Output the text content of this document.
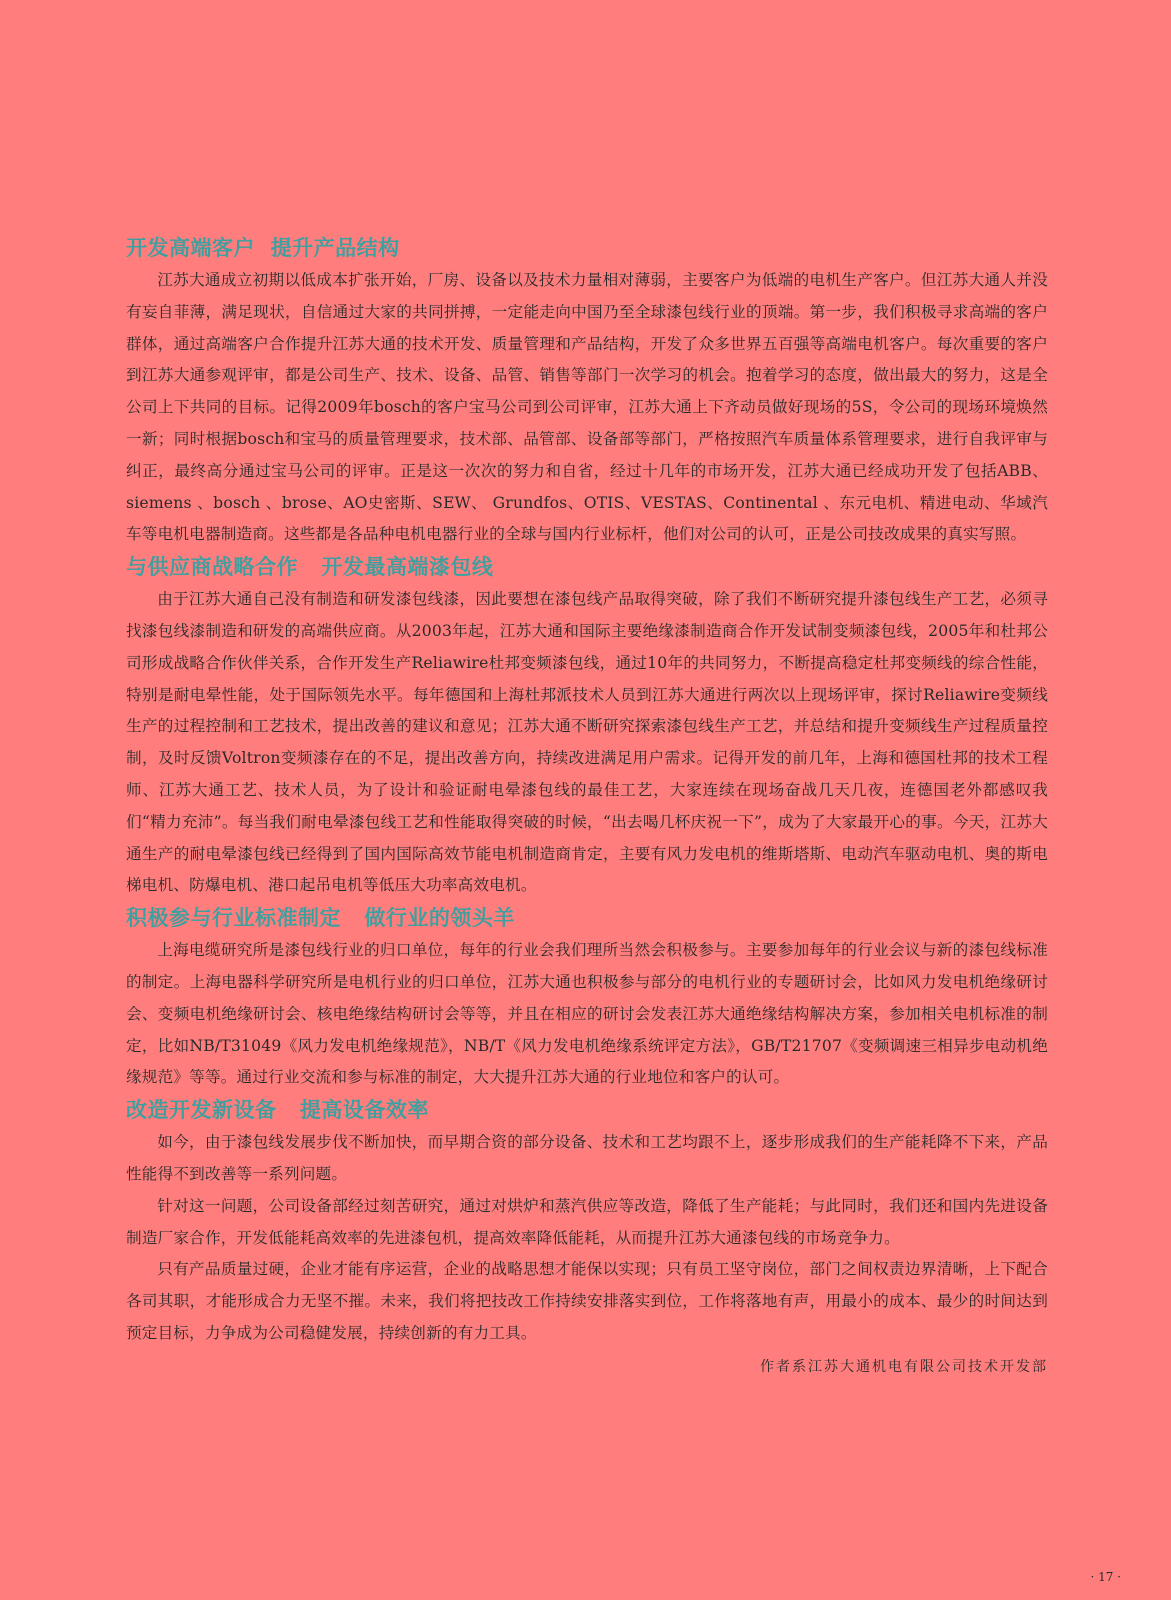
开发高端客户  提升产品结构

江苏大通成立初期以低成本扩张开始，厂房、设备以及技术力量相对薄弱，主要客户为低端的电机生产客户。但江苏大通人并没有妄自菲薄，满足现状，自信通过大家的共同拼搏，一定能走向中国乃至全球漆包线行业的顶端。第一步，我们积极寻求高端的客户群体，通过高端客户合作提升江苏大通的技术开发、质量管理和产品结构，开发了众多世界五百强等高端电机客户。每次重要的客户到江苏大通参观评审，都是公司生产、技术、设备、品管、销售等部门一次学习的机会。抱着学习的态度，做出最大的努力，这是全公司上下共同的目标。记得2009年bosch的客户宝马公司到公司评审，江苏大通上下齐动员做好现场的5S，令公司的现场环境焕然一新；同时根据bosch和宝马的质量管理要求，技术部、品管部、设备部等部门，严格按照汽车质量体系管理要求，进行自我评审与纠正，最终高分通过宝马公司的评审。正是这一次次的努力和自省，经过十几年的市场开发，江苏大通已经成功开发了包括ABB、siemens 、bosch 、brose、AO史密斯、SEW、 Grundfos、OTIS、VESTAS、Continental 、东元电机、精进电动、华域汽车等电机电器制造商。这些都是各品种电机电器行业的全球与国内行业标杆，他们对公司的认可，正是公司技改成果的真实写照。

与供应商战略合作   开发最高端漆包线

由于江苏大通自己没有制造和研发漆包线漆，因此要想在漆包线产品取得突破，除了我们不断研究提升漆包线生产工艺，必须寻找漆包线漆制造和研发的高端供应商。从2003年起，江苏大通和国际主要绝缘漆制造商合作开发试制变频漆包线，2005年和杜邦公司形成战略合作伙伴关系，合作开发生产Reliawire杜邦变频漆包线，通过10年的共同努力，不断提高稳定杜邦变频线的综合性能，特别是耐电晕性能，处于国际领先水平。每年德国和上海杜邦派技术人员到江苏大通进行两次以上现场评审，探讨Reliawire变频线生产的过程控制和工艺技术，提出改善的建议和意见；江苏大通不断研究探索漆包线生产工艺，并总结和提升变频线生产过程质量控制，及时反馈Voltron变频漆存在的不足，提出改善方向，持续改进满足用户需求。记得开发的前几年，上海和德国杜邦的技术工程师、江苏大通工艺、技术人员，为了设计和验证耐电晕漆包线的最佳工艺，大家连续在现场奋战几天几夜，连德国老外都感叹我们“精力充沛”。每当我们耐电晕漆包线工艺和性能取得突破的时候，“出去喝几杯庆祝一下”，成为了大家最开心的事。今天，江苏大通生产的耐电晕漆包线已经得到了国内国际高效节能电机制造商肯定，主要有风力发电机的维斯塔斯、电动汽车驱动电机、奥的斯电梯电机、防爆电机、港口起吊电机等低压大功率高效电机。

积极参与行业标准制定   做行业的领头羊

上海电缆研究所是漆包线行业的归口单位，每年的行业会我们理所当然会积极参与。主要参加每年的行业会议与新的漆包线标准的制定。上海电器科学研究所是电机行业的归口单位，江苏大通也积极参与部分的电机行业的专题研讨会，比如风力发电机绝缘研讨会、变频电机绝缘研讨会、核电绝缘结构研讨会等等，并且在相应的研讨会发表江苏大通绝缘结构解决方案，参加相关电机标准的制定，比如NB/T31049《风力发电机绝缘规范》，NB/T《风力发电机绝缘系统评定方法》，GB/T21707《变频调速三相异步电动机绝缘规范》等等。通过行业交流和参与标准的制定，大大提升江苏大通的行业地位和客户的认可。

改造开发新设备   提高设备效率

如今，由于漆包线发展步伐不断加快，而早期合资的部分设备、技术和工艺均跟不上，逐步形成我们的生产能耗降不下来，产品性能得不到改善等一系列问题。

针对这一问题，公司设备部经过刻苦研究，通过对烘炉和蒸汽供应等改造，降低了生产能耗；与此同时，我们还和国内先进设备制造厂家合作，开发低能耗高效率的先进漆包机，提高效率降低能耗，从而提升江苏大通漆包线的市场竞争力。

只有产品质量过硬，企业才能有序运营，企业的战略思想才能保以实现；只有员工坚守岗位，部门之间权责边界清晰，上下配合各司其职，才能形成合力无坚不摧。未来，我们将把技改工作持续安排落实到位，工作将落地有声，用最小的成本、最少的时间达到预定目标，力争成为公司稳健发展，持续创新的有力工具。

作者系江苏大通机电有限公司技术开发部
· 17 ·
